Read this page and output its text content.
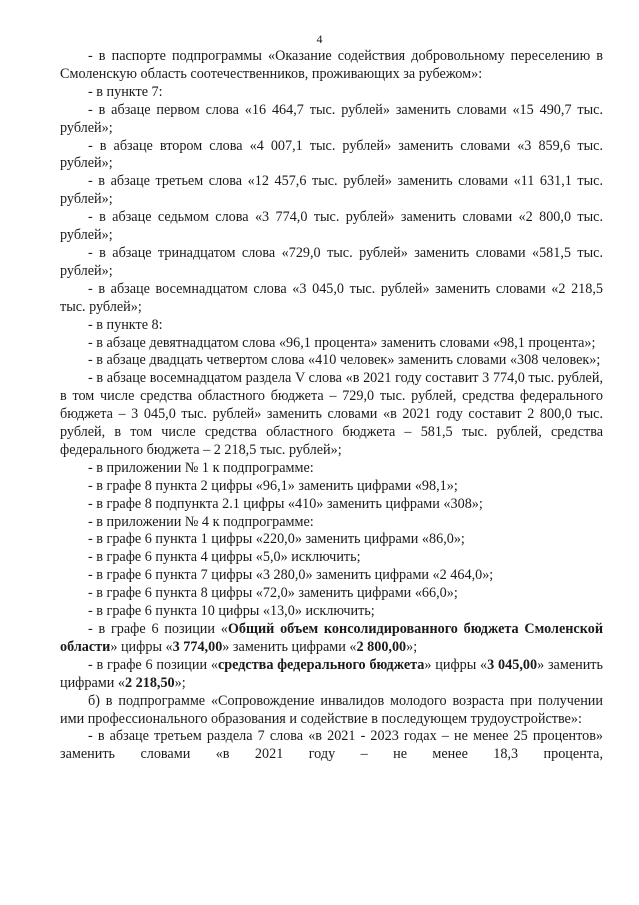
4

- в паспорте подпрограммы «Оказание содействия добровольному переселению в Смоленскую область соотечественников, проживающих за рубежом»:

- в пункте 7:

- в абзаце первом слова «16 464,7 тыс. рублей» заменить словами «15 490,7 тыс. рублей»;

- в абзаце втором слова «4 007,1 тыс. рублей» заменить словами «3 859,6 тыс. рублей»;

- в абзаце третьем слова «12 457,6 тыс. рублей» заменить словами «11 631,1 тыс. рублей»;

- в абзаце седьмом слова «3 774,0 тыс. рублей» заменить словами «2 800,0 тыс. рублей»;

- в абзаце тринадцатом слова «729,0 тыс. рублей» заменить словами «581,5 тыс. рублей»;

- в абзаце восемнадцатом слова «3 045,0 тыс. рублей» заменить словами «2 218,5 тыс. рублей»;

- в пункте 8:

- в абзаце девятнадцатом слова «96,1 процента» заменить словами «98,1 процента»;

- в абзаце двадцать четвертом слова «410 человек» заменить словами «308 человек»;

- в абзаце восемнадцатом раздела V слова «в 2021 году составит 3 774,0 тыс. рублей, в том числе средства областного бюджета – 729,0 тыс. рублей, средства федерального бюджета – 3 045,0 тыс. рублей» заменить словами «в 2021 году составит 2 800,0 тыс. рублей, в том числе средства областного бюджета – 581,5 тыс. рублей, средства федерального бюджета – 2 218,5 тыс. рублей»;

- в приложении № 1 к подпрограмме:

- в графе 8 пункта 2 цифры «96,1» заменить цифрами «98,1»;

- в графе 8 подпункта 2.1 цифры «410» заменить цифрами «308»;

- в приложении № 4 к подпрограмме:

- в графе 6 пункта 1 цифры «220,0» заменить цифрами «86,0»;

- в графе 6 пункта 4 цифры «5,0» исключить;

- в графе 6 пункта 7 цифры «3 280,0» заменить цифрами «2 464,0»;

- в графе 6 пункта 8 цифры «72,0» заменить цифрами «66,0»;

- в графе 6 пункта 10 цифры «13,0» исключить;

- в графе 6 позиции «Общий объем консолидированного бюджета Смоленской области» цифры «3 774,00» заменить цифрами «2 800,00»;

- в графе 6 позиции «средства федерального бюджета» цифры «3 045,00» заменить цифрами «2 218,50»;

б) в подпрограмме «Сопровождение инвалидов молодого возраста при получении ими профессионального образования и содействие в последующем трудоустройстве»:

- в абзаце третьем раздела 7 слова «в 2021 - 2023 годах – не менее 25 процентов» заменить словами «в 2021 году – не менее 18,3 процента,
